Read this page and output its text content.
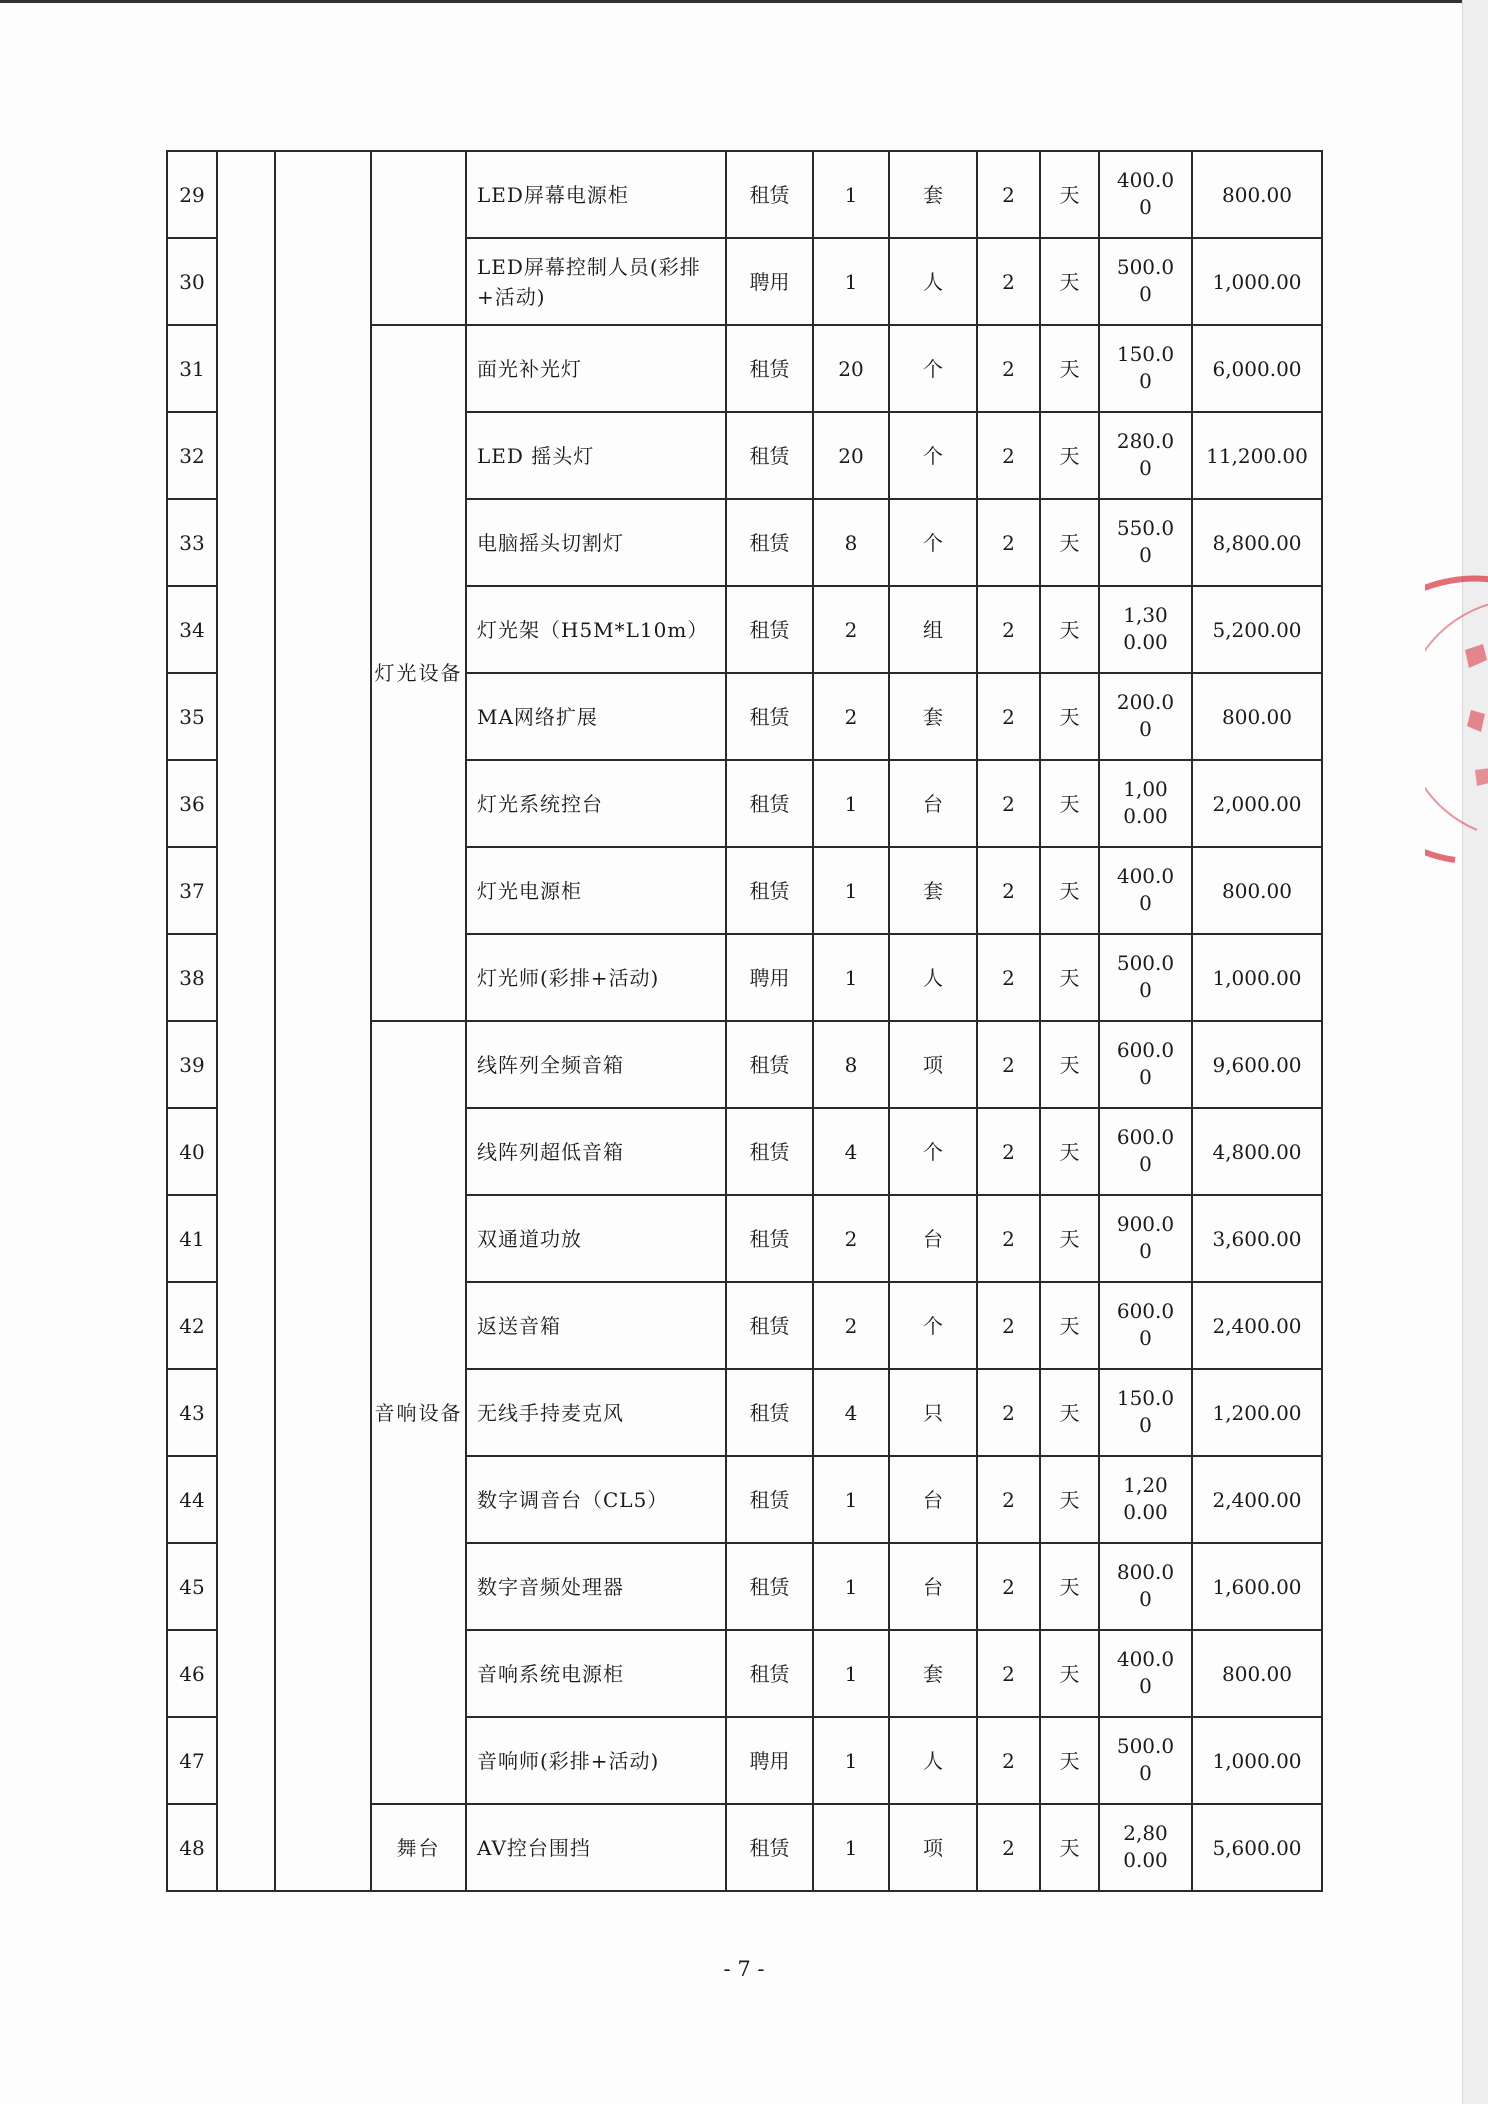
29				LED屏幕电源柜	租赁	1	套	2	天	400.00	800.00
30				LED屏幕控制人员(彩排+活动)	聘用	1	人	2	天	500.00	1,000.00
31			灯光设备	面光补光灯	租赁	20	个	2	天	150.00	6,000.00
32				LED 摇头灯	租赁	20	个	2	天	280.00	11,200.00
33				电脑摇头切割灯	租赁	8	个	2	天	550.00	8,800.00
34				灯光架（H5M*L10m）	租赁	2	组	2	天	1,300.00	5,200.00
35				MA网络扩展	租赁	2	套	2	天	200.00	800.00
36				灯光系统控台	租赁	1	台	2	天	1,000.00	2,000.00
37				灯光电源柜	租赁	1	套	2	天	400.00	800.00
38				灯光师(彩排+活动)	聘用	1	人	2	天	500.00	1,000.00
39			音响设备	线阵列全频音箱	租赁	8	项	2	天	600.00	9,600.00
40				线阵列超低音箱	租赁	4	个	2	天	600.00	4,800.00
41				双通道功放	租赁	2	台	2	天	900.00	3,600.00
42				返送音箱	租赁	2	个	2	天	600.00	2,400.00
43				无线手持麦克风	租赁	4	只	2	天	150.00	1,200.00
44				数字调音台（CL5）	租赁	1	台	2	天	1,200.00	2,400.00
45				数字音频处理器	租赁	1	台	2	天	800.00	1,600.00
46				音响系统电源柜	租赁	1	套	2	天	400.00	800.00
47				音响师(彩排+活动)	聘用	1	人	2	天	500.00	1,000.00
48			舞台	AV控台围挡	租赁	1	项	2	天	2,800.00	5,600.00
- 7 -
